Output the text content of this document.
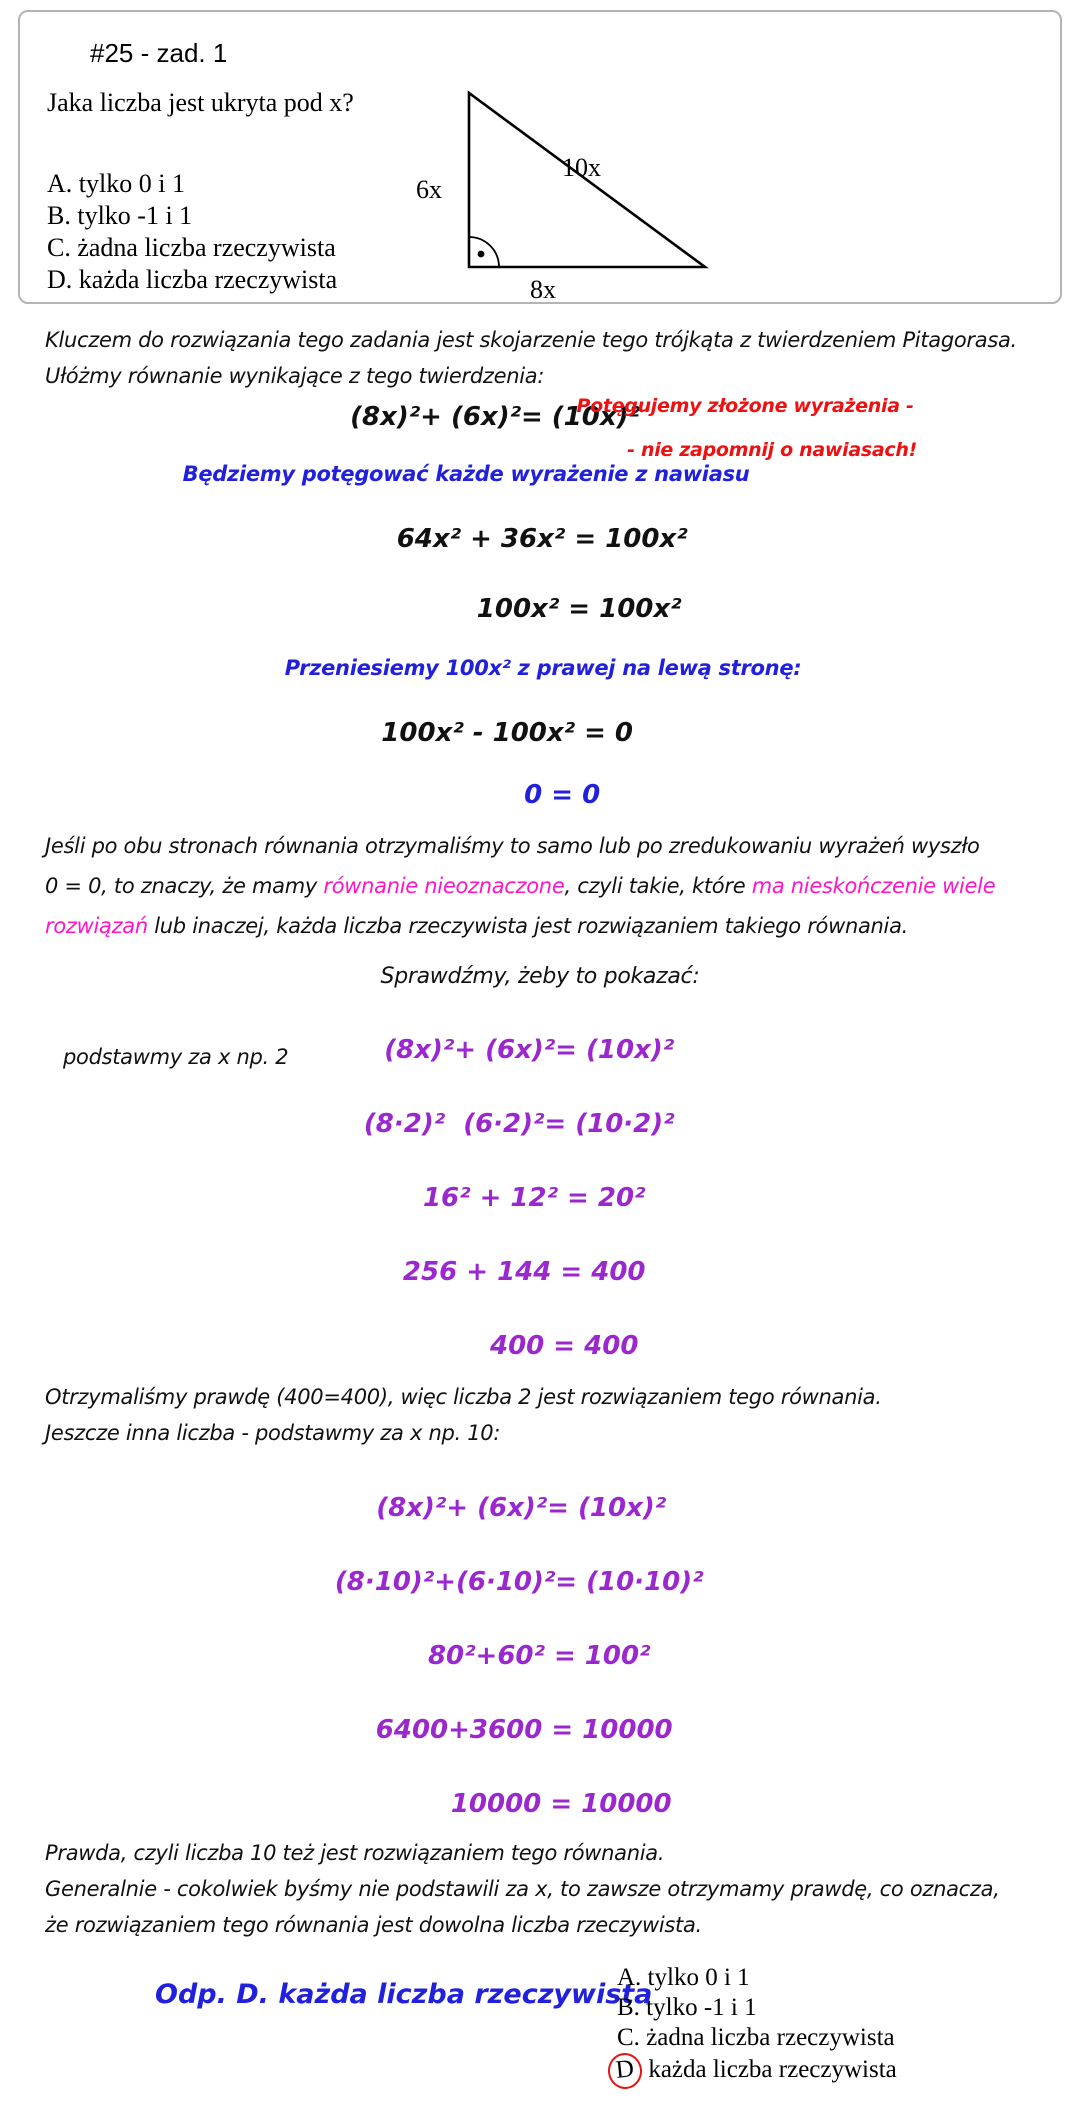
#25 - zad. 1

Jaka liczba jest ukryta pod x?

A. tylko 0 i 1
B. tylko -1 i 1
C. żadna liczba rzeczywista
D. każda liczba rzeczywista
6x
10x
8x

Kluczem do rozwiązania tego zadania jest skojarzenie tego trójkąta z twierdzeniem Pitagorasa.

Ułóżmy równanie wynikające z tego twierdzenia:

(8x)²+ (6x)²= (10x)²
Potęgujemy złożone wyrażenia -

- nie zapomnij o nawiasach!

Będziemy potęgować każde wyrażenie z nawiasu

64x² + 36x² = 100x²

100x² = 100x²

Przeniesiemy 100x² z prawej na lewą stronę:

100x² - 100x² = 0

0 = 0

Jeśli po obu stronach równania otrzymaliśmy to samo lub po zredukowaniu wyrażeń wyszło

0 = 0, to znaczy, że mamy równanie nieoznaczone, czyli takie, które ma nieskończenie wiele

rozwiązań lub inaczej, każda liczba rzeczywista jest rozwiązaniem takiego równania.

Sprawdźmy, żeby to pokazać:

podstawmy za x np. 2	(8x)²+ (6x)²= (10x)²

(8·2)²  (6·2)²= (10·2)²

16² + 12² = 20²

256 + 144 = 400

400 = 400

Otrzymaliśmy prawdę (400=400), więc liczba 2 jest rozwiązaniem tego równania.

Jeszcze inna liczba - podstawmy za x np. 10:

(8x)²+ (6x)²= (10x)²

(8·10)²+(6·10)²= (10·10)²

80²+60² = 100²

6400+3600 = 10000

10000 = 10000

Prawda, czyli liczba 10 też jest rozwiązaniem tego równania.

Generalnie - cokolwiek byśmy nie podstawili za x, to zawsze otrzymamy prawdę, co oznacza,

że rozwiązaniem tego równania jest dowolna liczba rzeczywista.

Odp. D. każda liczba rzeczywista
A. tylko 0 i 1
B. tylko -1 i 1
C. żadna liczba rzeczywista
D każda liczba rzeczywista
